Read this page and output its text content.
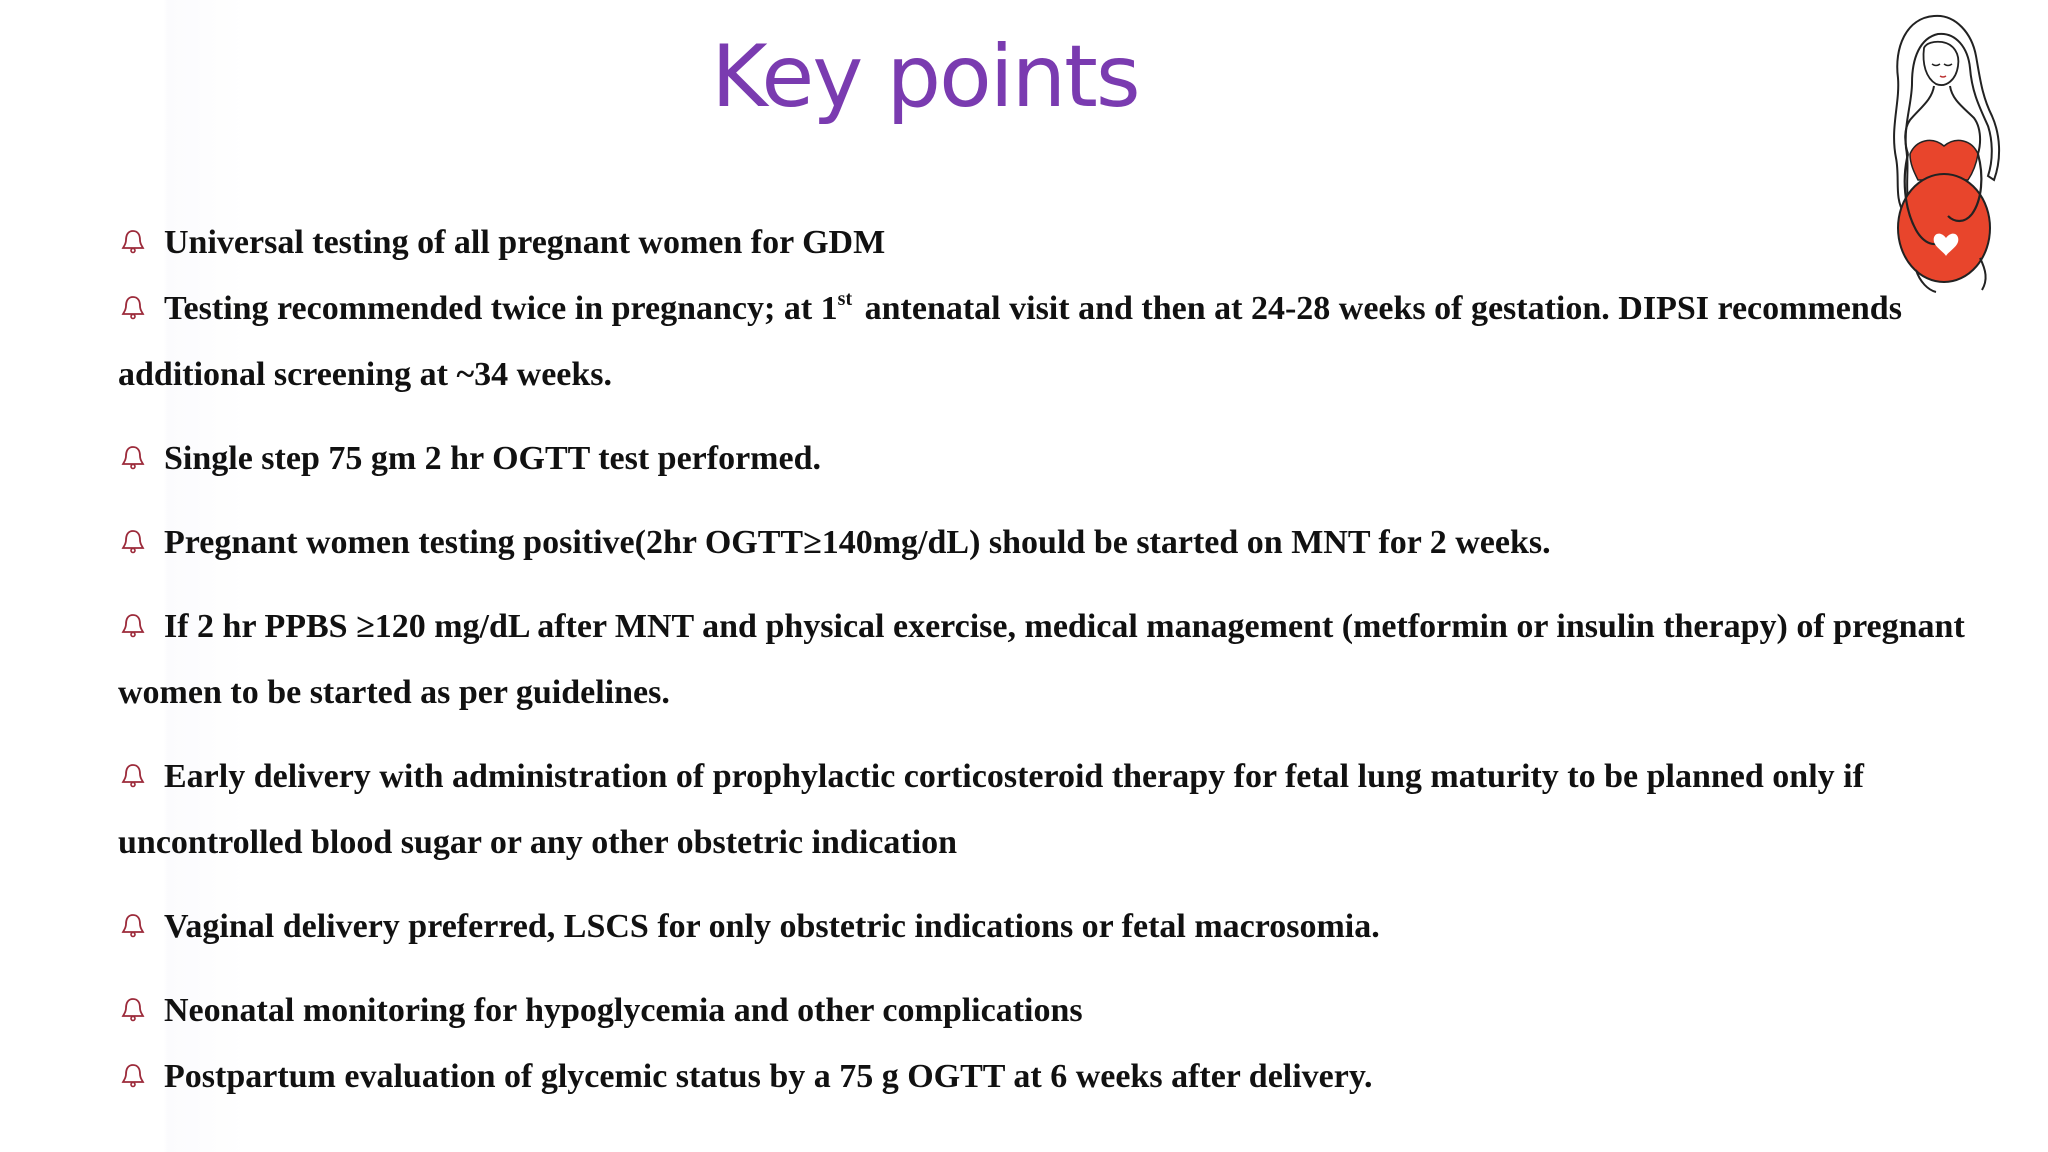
Key points
Universal testing of all pregnant women for GDM
Testing recommended twice in pregnancy; at 1st antenatal visit and then at 24-28 weeks of gestation. DIPSI recommends additional screening at ~34 weeks.
Single step 75 gm 2 hr OGTT test performed.
Pregnant women testing positive(2hr OGTT≥140mg/dL) should be started on MNT for 2 weeks.
If 2 hr PPBS ≥120 mg/dL after MNT and physical exercise, medical management (metformin or insulin therapy) of pregnant women to be started as per guidelines.
Early delivery with administration of prophylactic corticosteroid therapy for fetal lung maturity to be planned only if uncontrolled blood sugar or any other obstetric indication
Vaginal delivery preferred, LSCS for only obstetric indications or fetal macrosomia.
Neonatal monitoring for hypoglycemia and other complications
Postpartum evaluation of glycemic status by a 75 g OGTT at 6 weeks after delivery.
